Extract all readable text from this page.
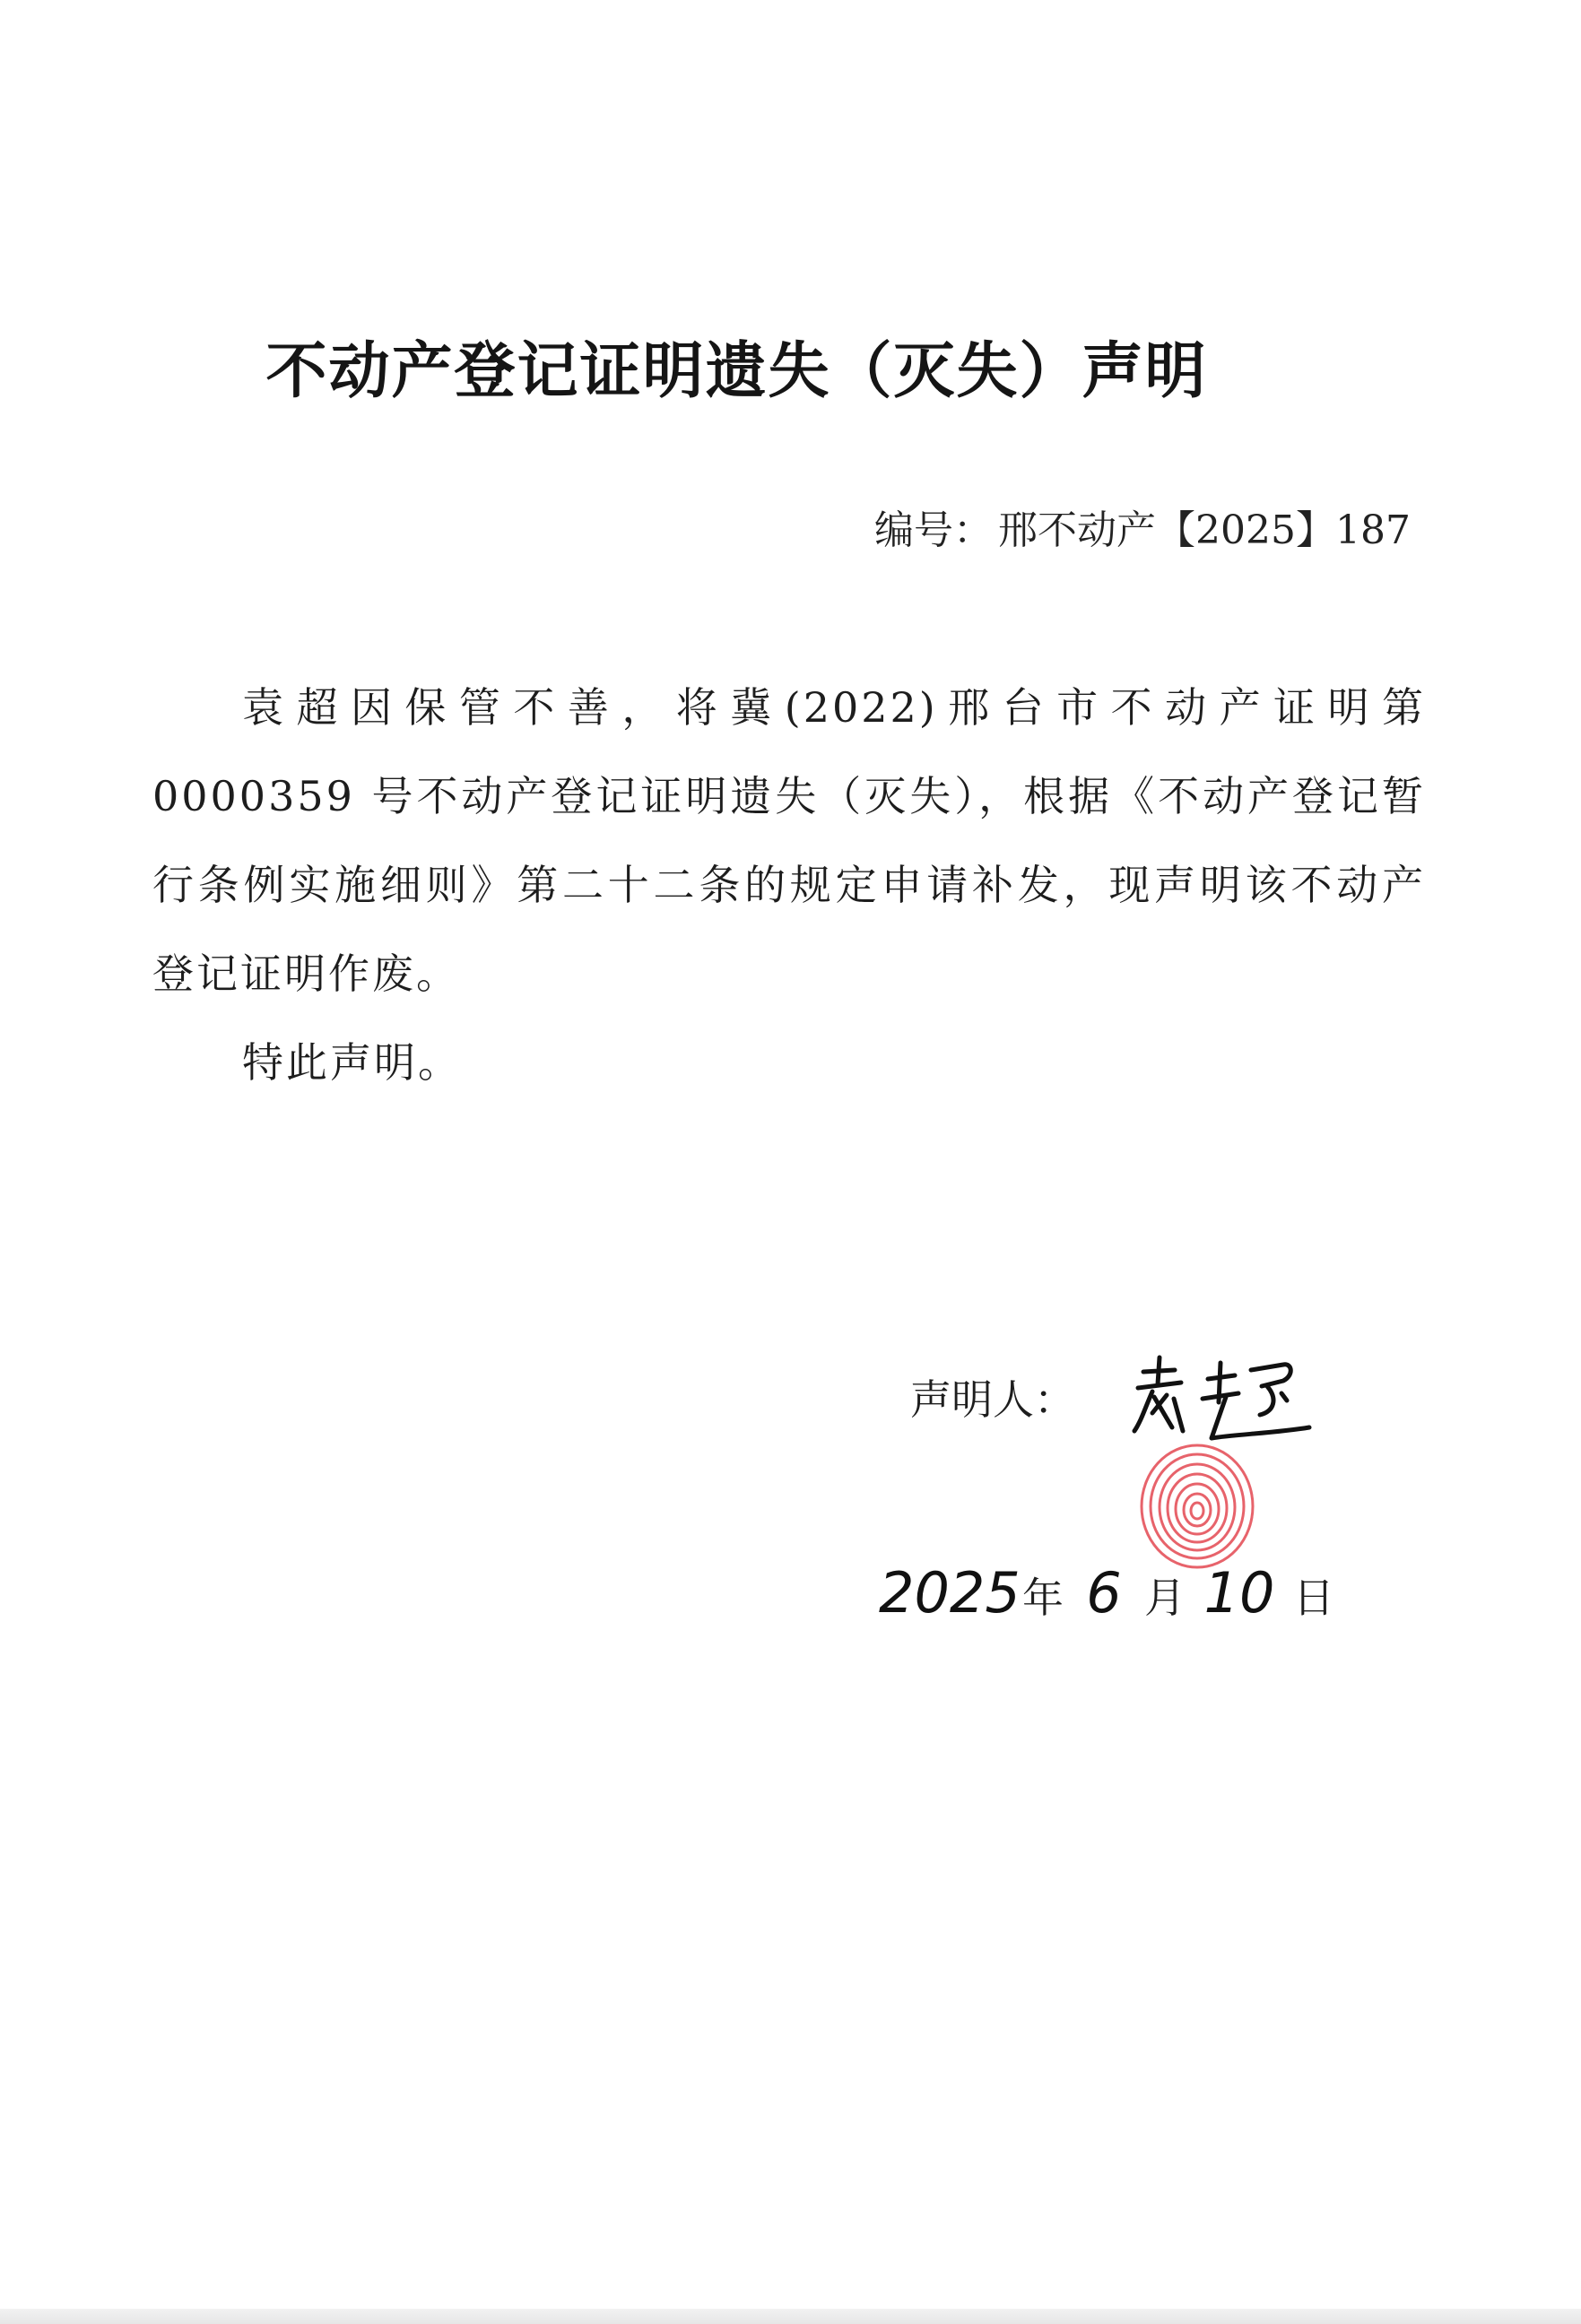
不动产登记证明遗失（灭失）声明
编号： 邢不动产【2025】187

袁超因保管不善，将冀(2022)邢台市不动产证明第 0000359 号不动产登记证明遗失（灭失），根据《不动产登记暂行条例实施细则》第二十二条的规定申请补发，现声明该不动产登记证明作废。

特此声明。

声明人：
2025年 6 月 10 日
